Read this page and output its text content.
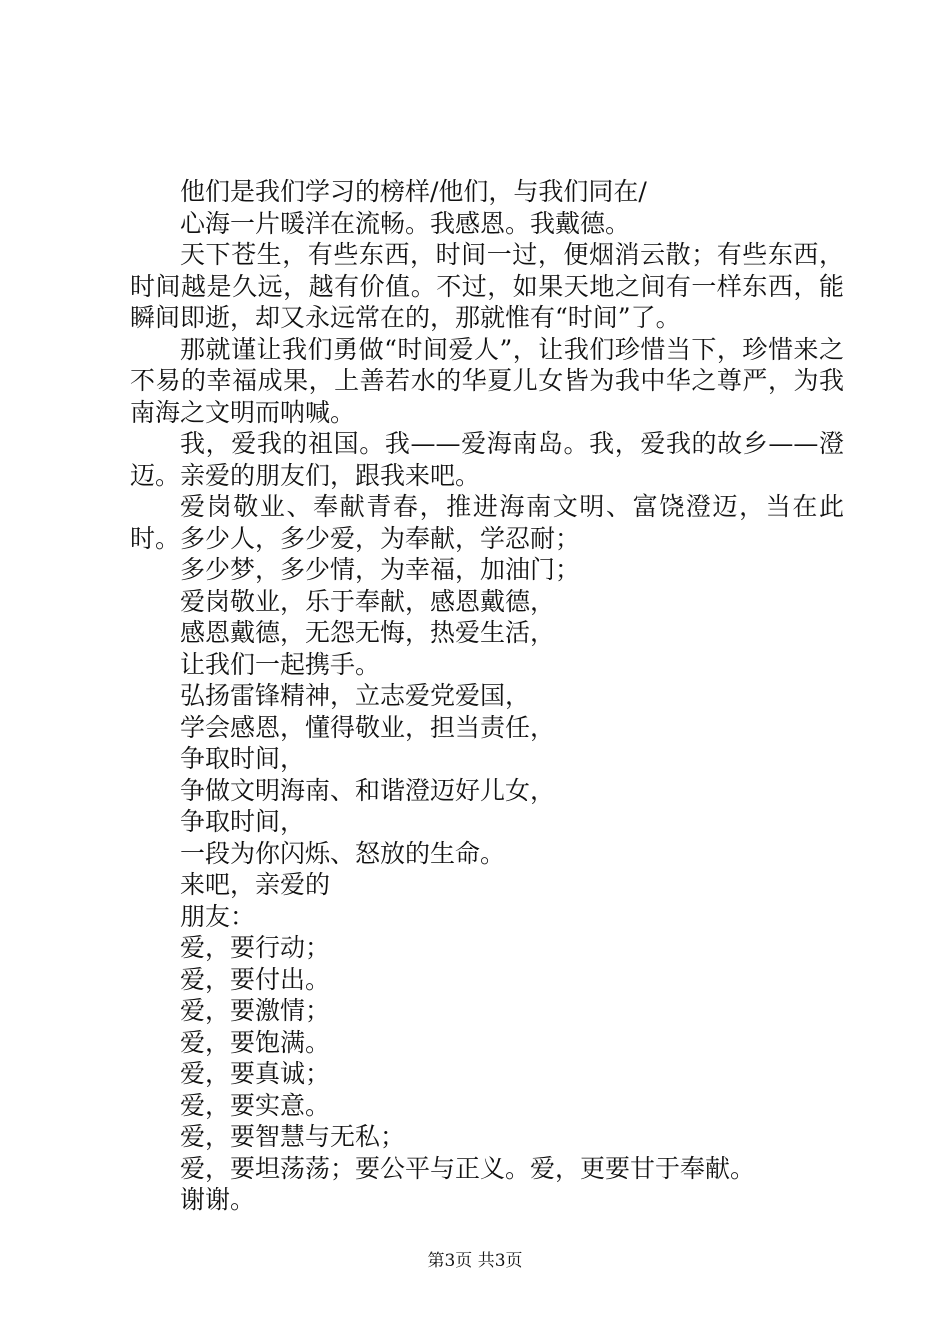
他们是我们学习的榜样/他们，与我们同在/

心海一片暖洋在流畅。我感恩。我戴德。

天下苍生，有些东西，时间一过，便烟消云散；有些东西，时间越是久远，越有价值。不过，如果天地之间有一样东西，能瞬间即逝，却又永远常在的，那就惟有“时间”了。

那就谨让我们勇做“时间爱人”，让我们珍惜当下，珍惜来之不易的幸福成果，上善若水的华夏儿女皆为我中华之尊严，为我南海之文明而呐喊。

我，爱我的祖国。我——爱海南岛。我，爱我的故乡——澄迈。亲爱的朋友们，跟我来吧。

爱岗敬业、奉献青春，推进海南文明、富饶澄迈，当在此时。多少人，多少爱，为奉献，学忍耐；

多少梦，多少情，为幸福，加油门；

爱岗敬业，乐于奉献，感恩戴德，

感恩戴德，无怨无悔，热爱生活，

让我们一起携手。

弘扬雷锋精神，立志爱党爱国，

学会感恩，懂得敬业，担当责任，

争取时间，

争做文明海南、和谐澄迈好儿女，

争取时间，

一段为你闪烁、怒放的生命。

来吧，亲爱的

朋友：

爱，要行动；

爱，要付出。

爱，要激情；

爱，要饱满。

爱，要真诚；

爱，要实意。

爱，要智慧与无私；

爱，要坦荡荡；要公平与正义。爱，更要甘于奉献。

谢谢。

第3页 共3页
